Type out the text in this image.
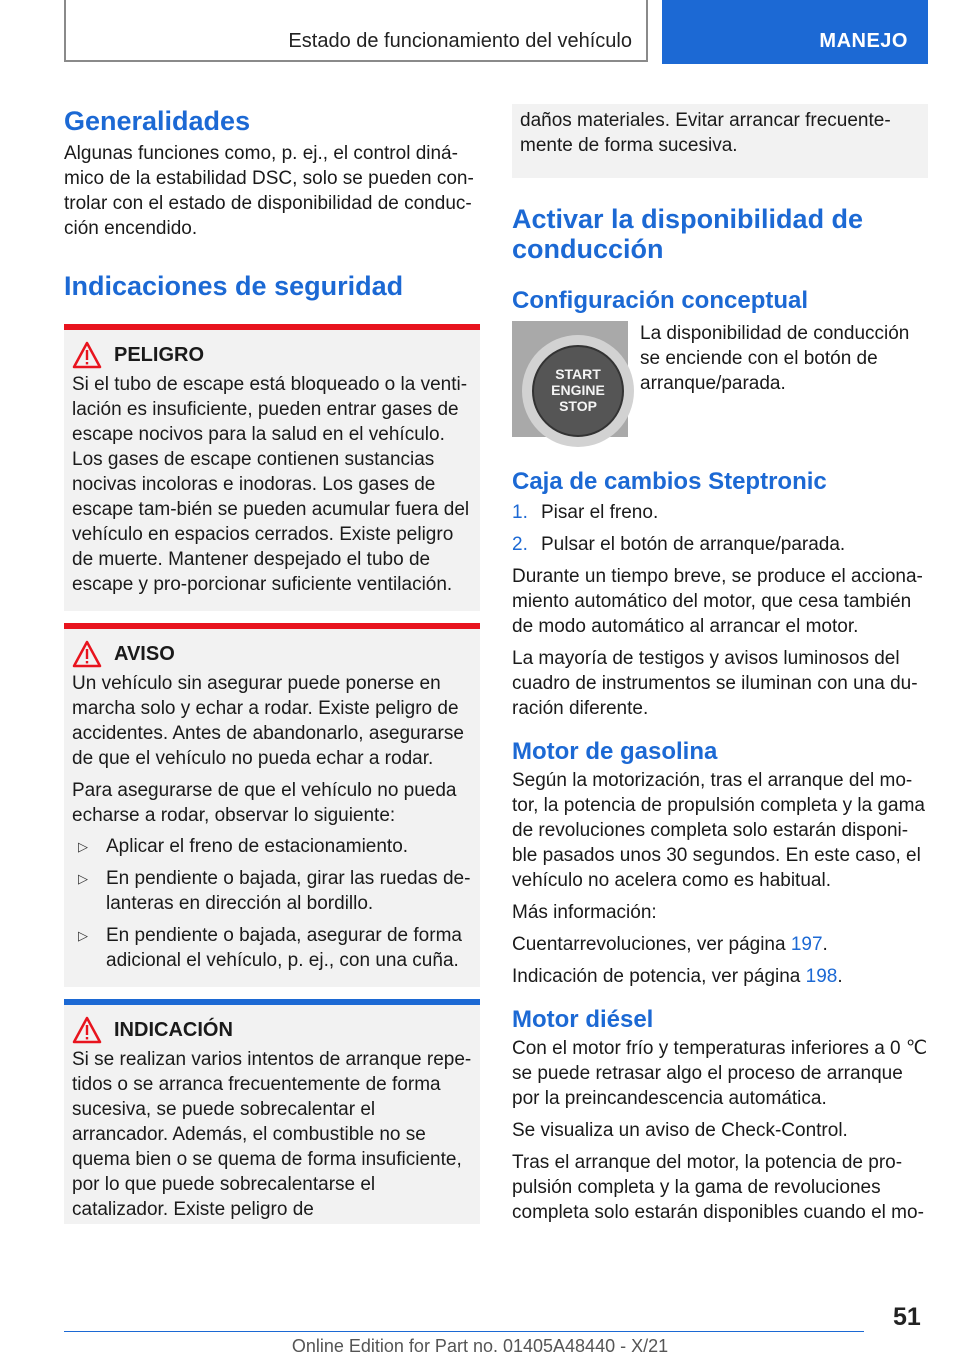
Estado de funcionamiento del vehículo	MANEJO
Generalidades

Algunas funciones como, p. ej., el control diná-mico de la estabilidad DSC, solo se pueden con-trolar con el estado de disponibilidad de conduc-ción encendido.

Indicaciones de seguridad
PELIGRO

Si el tubo de escape está bloqueado o la venti-lación es insuficiente, pueden entrar gases de escape nocivos para la salud en el vehículo. Los gases de escape contienen sustancias nocivas incoloras e inodoras. Los gases de escape tam-bién se pueden acumular fuera del vehículo en espacios cerrados. Existe peligro de muerte. Mantener despejado el tubo de escape y pro-porcionar suficiente ventilación.

AVISO

Un vehículo sin asegurar puede ponerse en marcha solo y echar a rodar. Existe peligro de accidentes. Antes de abandonarlo, asegurarse de que el vehículo no pueda echar a rodar.

Para asegurarse de que el vehículo no pueda echarse a rodar, observar lo siguiente:

▷ Aplicar el freno de estacionamiento.
▷ En pendiente o bajada, girar las ruedas de-lanteras en dirección al bordillo.
▷ En pendiente o bajada, asegurar de forma adicional el vehículo, p. ej., con una cuña.
INDICACIÓN

Si se realizan varios intentos de arranque repe-tidos o se arranca frecuentemente de forma sucesiva, se puede sobrecalentar el arrancador. Además, el combustible no se quema bien o se quema de forma insuficiente, por lo que puede sobrecalentarse el catalizador. Existe peligro de

daños materiales. Evitar arrancar frecuente-mente de forma sucesiva.

Activar la disponibilidad de conducción
Configuración conceptual
START
ENGINE
STOP

La disponibilidad de conducción se enciende con el botón de arranque/parada.

Caja de cambios Steptronic
1. Pisar el freno.
2. Pulsar el botón de arranque/parada.

Durante un tiempo breve, se produce el acciona-miento automático del motor, que cesa también de modo automático al arrancar el motor.

La mayoría de testigos y avisos luminosos del cuadro de instrumentos se iluminan con una du-ración diferente.

Motor de gasolina

Según la motorización, tras el arranque del mo-tor, la potencia de propulsión completa y la gama de revoluciones completa solo estarán disponi-ble pasados unos 30 segundos. En este caso, el vehículo no acelera como es habitual.

Más información:

Cuentarrevoluciones, ver página 197.

Indicación de potencia, ver página 198.

Motor diésel

Con el motor frío y temperaturas inferiores a 0 ℃ se puede retrasar algo el proceso de arranque por la preincandescencia automática.

Se visualiza un aviso de Check-Control.

Tras el arranque del motor, la potencia de pro-pulsión completa y la gama de revoluciones completa solo estarán disponibles cuando el mo-

51
Online Edition for Part no. 01405A48440 - X/21
